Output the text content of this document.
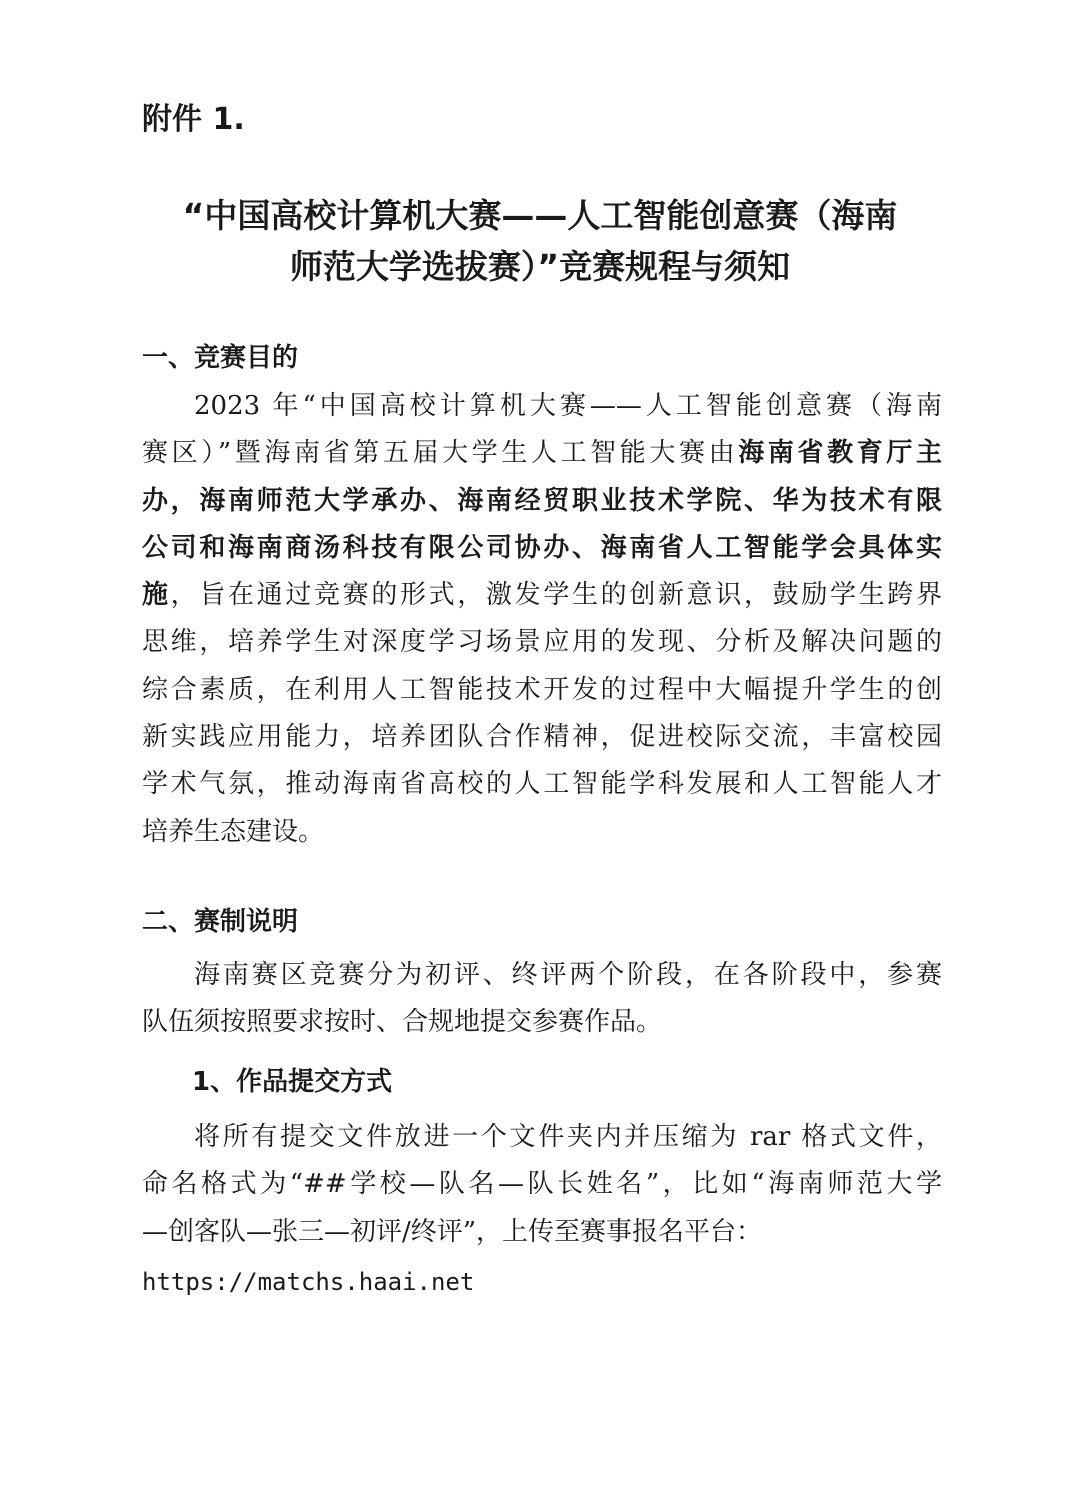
附件 1.

“中国高校计算机大赛——人工智能创意赛（海南
师范大学选拔赛）”竞赛规程与须知
一、竞赛目的
2023 年“中国高校计算机大赛——人工智能创意赛（海南
赛区）”暨海南省第五届大学生人工智能大赛由海南省教育厅主
办，海南师范大学承办、海南经贸职业技术学院、华为技术有限
公司和海南商汤科技有限公司协办、海南省人工智能学会具体实
施，旨在通过竞赛的形式，激发学生的创新意识，鼓励学生跨界
思维，培养学生对深度学习场景应用的发现、分析及解决问题的
综合素质，在利用人工智能技术开发的过程中大幅提升学生的创
新实践应用能力，培养团队合作精神，促进校际交流，丰富校园
学术气氛，推动海南省高校的人工智能学科发展和人工智能人才
培养生态建设。
二、赛制说明
海南赛区竞赛分为初评、终评两个阶段，在各阶段中，参赛
队伍须按照要求按时、合规地提交参赛作品。
1、作品提交方式
将所有提交文件放进一个文件夹内并压缩为 rar 格式文件，
命名格式为“##学校—队名—队长姓名”，比如“海南师范大学
—创客队—张三—初评/终评”，上传至赛事报名平台：

https://matchs.haai.net
